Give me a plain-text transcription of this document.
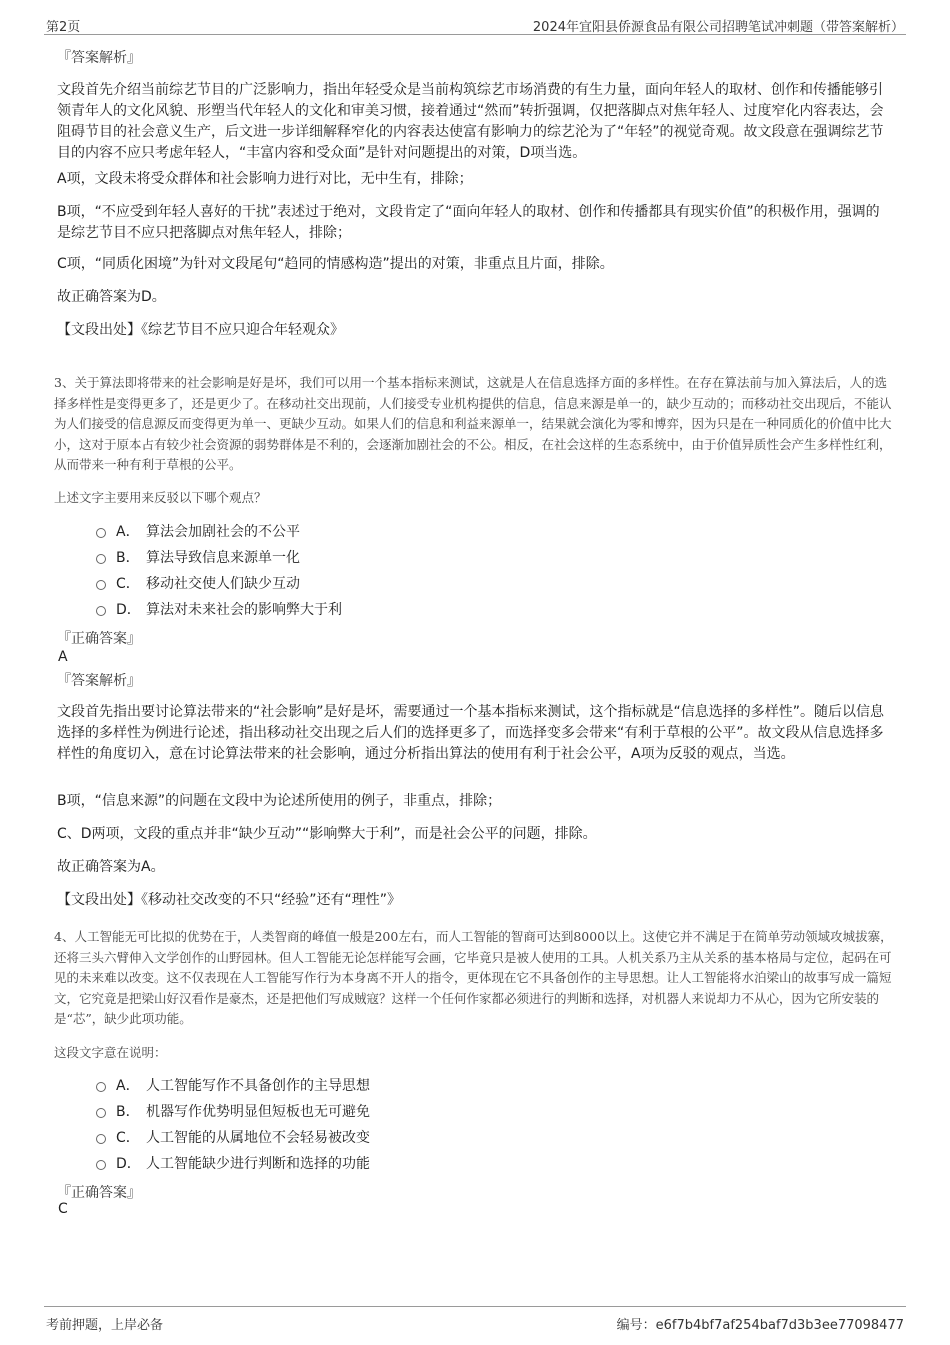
第2页	2024年宜阳县侨源食品有限公司招聘笔试冲刺题（带答案解析）
『答案解析』
文段首先介绍当前综艺节目的广泛影响力，指出年轻受众是当前构筑综艺市场消费的有生力量，面向年轻人的取材、创作和传播能够引领青年人的文化风貌、形塑当代年轻人的文化和审美习惯，接着通过“然而”转折强调，仅把落脚点对焦年轻人、过度窄化内容表达，会阻碍节目的社会意义生产，后文进一步详细解释窄化的内容表达使富有影响力的综艺沦为了“年轻”的视觉奇观。故文段意在强调综艺节目的内容不应只考虑年轻人，“丰富内容和受众面”是针对问题提出的对策，D项当选。
A项，文段未将受众群体和社会影响力进行对比，无中生有，排除；
B项，“不应受到年轻人喜好的干扰”表述过于绝对，文段肯定了“面向年轻人的取材、创作和传播都具有现实价值”的积极作用，强调的是综艺节目不应只把落脚点对焦年轻人，排除；
C项，“同质化困境”为针对文段尾句“趋同的情感构造”提出的对策，非重点且片面，排除。
故正确答案为D。
【文段出处】《综艺节目不应只迎合年轻观众》
3、关于算法即将带来的社会影响是好是坏，我们可以用一个基本指标来测试，这就是人在信息选择方面的多样性。在存在算法前与加入算法后，人的选择多样性是变得更多了，还是更少了。在移动社交出现前，人们接受专业机构提供的信息，信息来源是单一的，缺少互动的；而移动社交出现后，不能认为人们接受的信息源反而变得更为单一、更缺少互动。如果人们的信息和利益来源单一，结果就会演化为零和博弈，因为只是在一种同质化的价值中比大小，这对于原本占有较少社会资源的弱势群体是不利的，会逐渐加剧社会的不公。相反，在社会这样的生态系统中，由于价值异质性会产生多样性红利，从而带来一种有利于草根的公平。
上述文字主要用来反驳以下哪个观点？
A． 算法会加剧社会的不公平
B． 算法导致信息来源单一化
C． 移动社交使人们缺少互动
D． 算法对未来社会的影响弊大于利
『正确答案』
A
『答案解析』
文段首先指出要讨论算法带来的“社会影响”是好是坏，需要通过一个基本指标来测试，这个指标就是“信息选择的多样性”。随后以信息选择的多样性为例进行论述，指出移动社交出现之后人们的选择更多了，而选择变多会带来“有利于草根的公平”。故文段从信息选择多样性的角度切入，意在讨论算法带来的社会影响，通过分析指出算法的使用有利于社会公平，A项为反驳的观点，当选。
B项，“信息来源”的问题在文段中为论述所使用的例子，非重点，排除；
C、D两项，文段的重点并非“缺少互动”“影响弊大于利”，而是社会公平的问题，排除。
故正确答案为A。
【文段出处】《移动社交改变的不只“经验”还有“理性”》
4、人工智能无可比拟的优势在于，人类智商的峰值一般是200左右，而人工智能的智商可达到8000以上。这使它并不满足于在简单劳动领域攻城拔寨，还将三头六臂伸入文学创作的山野园林。但人工智能无论怎样能写会画，它毕竟只是被人使用的工具。人机关系乃主从关系的基本格局与定位，起码在可见的未来难以改变。这不仅表现在人工智能写作行为本身离不开人的指令，更体现在它不具备创作的主导思想。让人工智能将水泊梁山的故事写成一篇短文，它究竟是把梁山好汉看作是豪杰，还是把他们写成贼寇？这样一个任何作家都必须进行的判断和选择，对机器人来说却力不从心，因为它所安装的是“芯”，缺少此项功能。
这段文字意在说明：
A． 人工智能写作不具备创作的主导思想
B． 机器写作优势明显但短板也无可避免
C． 人工智能的从属地位不会轻易被改变
D． 人工智能缺少进行判断和选择的功能
『正确答案』
C
考前押题，上岸必备	编号：e6f7b4bf7af254baf7d3b3ee77098477
